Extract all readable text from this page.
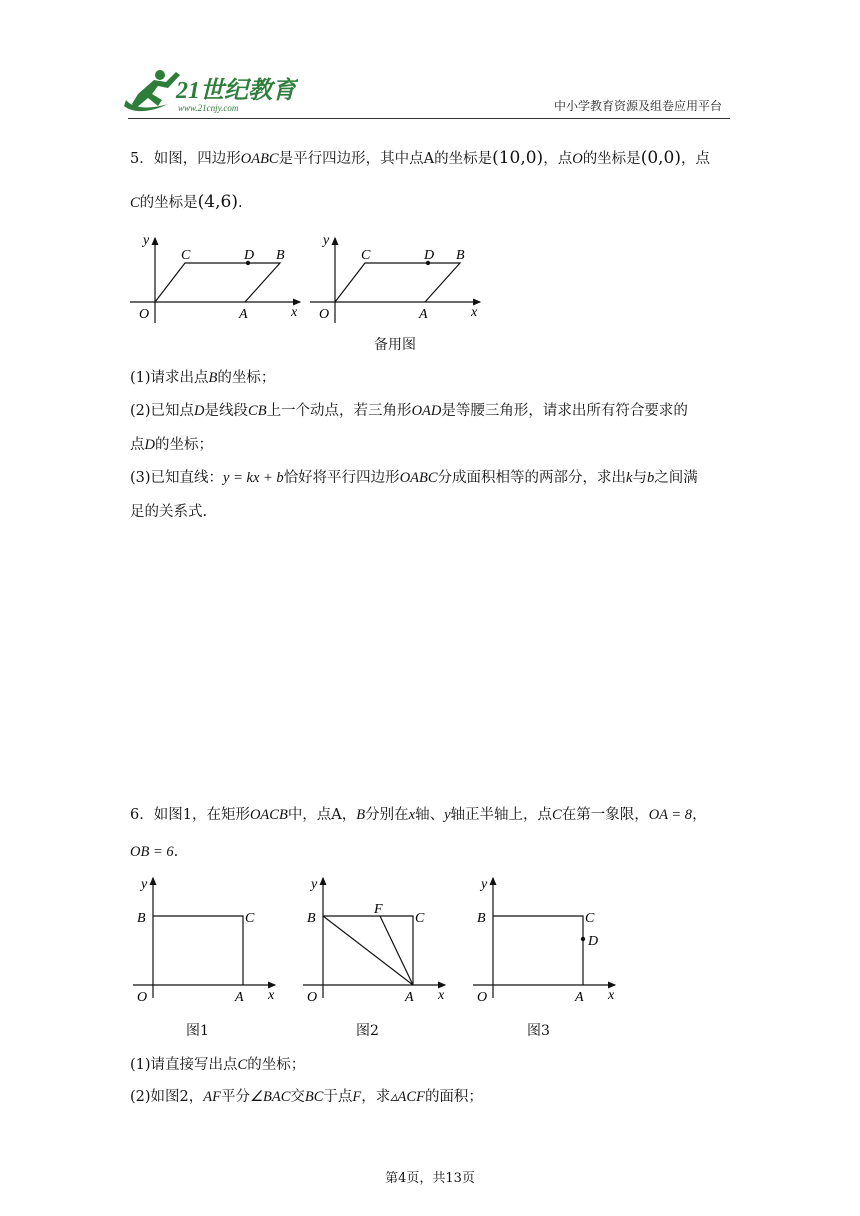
21世纪教育
www.21cnjy.com	中小学教育资源及组卷应用平台
5．如图，四边形OABC是平行四边形，其中点A的坐标是(10,0)，点O的坐标是(0,0)，点
C的坐标是(4,6).
y
C	D B
O	A	x
y
C	D B
O	A	x
备用图
(1)请求出点B的坐标；
(2)已知点D是线段CB上一个动点，若三角形OAD是等腰三角形，请求出所有符合要求的
点D的坐标；
(3)已知直线：y = kx + b恰好将平行四边形OABC分成面积相等的两部分，求出k与b之间满
足的关系式.
6．如图1，在矩形OACB中，点A，B分别在x轴、y轴正半轴上，点C在第一象限，OA = 8，
OB = 6.
y
B	C
O	A x
y
B
F
C
O	A x
y
B	C
D
O	A x
图1	图2	图3
(1)请直接写出点C的坐标；
(2)如图2，AF平分∠BAC交BC于点F，求▵ACF的面积；
第4页，共13页
